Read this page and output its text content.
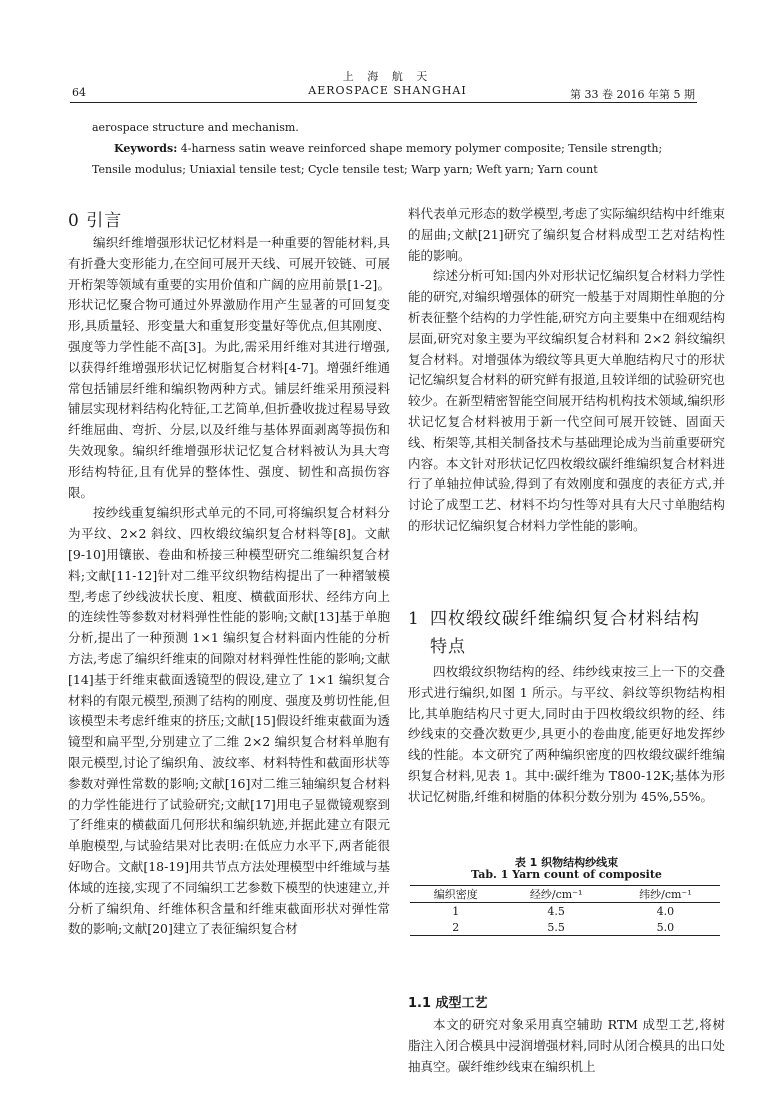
上 海 航 天
AEROSPACE SHANGHAI
64	第 33 卷 2016 年第 5 期
aerospace structure and mechanism.
Keywords: 4-harness satin weave reinforced shape memory polymer composite; Tensile strength; Tensile modulus; Uniaxial tensile test; Cycle tensile test; Warp yarn; Weft yarn; Yarn count
0 引言

编织纤维增强形状记忆材料是一种重要的智能材料,具有折叠大变形能力,在空间可展开天线、可展开铰链、可展开桁架等领域有重要的实用价值和广阔的应用前景[1-2]。形状记忆聚合物可通过外界激励作用产生显著的可回复变形,具质量轻、形变量大和重复形变量好等优点,但其刚度、强度等力学性能不高[3]。为此,需采用纤维对其进行增强,以获得纤维增强形状记忆树脂复合材料[4-7]。增强纤维通常包括铺层纤维和编织物两种方式。铺层纤维采用预浸料铺层实现材料结构化特征,工艺简单,但折叠收拢过程易导致纤维屈曲、弯折、分层,以及纤维与基体界面剥离等损伤和失效现象。编织纤维增强形状记忆复合材料被认为具大弯形结构特征,且有优异的整体性、强度、韧性和高损伤容限。

按纱线重复编织形式单元的不同,可将编织复合材料分为平纹、2×2 斜纹、四枚缎纹编织复合材料等[8]。文献[9-10]用镶嵌、卷曲和桥接三种模型研究二维编织复合材料;文献[11-12]针对二维平纹织物结构提出了一种褶皱模型,考虑了纱线波状长度、粗度、横截面形状、经纬方向上的连续性等参数对材料弹性性能的影响;文献[13]基于单胞分析,提出了一种预测 1×1 编织复合材料面内性能的分析方法,考虑了编织纤维束的间隙对材料弹性性能的影响;文献[14]基于纤维束截面透镜型的假设,建立了 1×1 编织复合材料的有限元模型,预测了结构的刚度、强度及剪切性能,但该模型未考虑纤维束的挤压;文献[15]假设纤维束截面为透镜型和扁平型,分别建立了二维 2×2 编织复合材料单胞有限元模型,讨论了编织角、波纹率、材料特性和截面形状等参数对弹性常数的影响;文献[16]对二维三轴编织复合材料的力学性能进行了试验研究;文献[17]用电子显微镜观察到了纤维束的横截面几何形状和编织轨迹,并据此建立有限元单胞模型,与试验结果对比表明:在低应力水平下,两者能很好吻合。文献[18-19]用共节点方法处理模型中纤维域与基体域的连接,实现了不同编织工艺参数下模型的快速建立,并分析了编织角、纤维体积含量和纤维束截面形状对弹性常数的影响;文献[20]建立了表征编织复合材

料代表单元形态的数学模型,考虑了实际编织结构中纤维束的屈曲;文献[21]研究了编织复合材料成型工艺对结构性能的影响。

综述分析可知:国内外对形状记忆编织复合材料力学性能的研究,对编织增强体的研究一般基于对周期性单胞的分析表征整个结构的力学性能,研究方向主要集中在细观结构层面,研究对象主要为平纹编织复合材料和 2×2 斜纹编织复合材料。对增强体为缎纹等具更大单胞结构尺寸的形状记忆编织复合材料的研究鲜有报道,且较详细的试验研究也较少。在新型精密智能空间展开结构机构技术领域,编织形状记忆复合材料被用于新一代空间可展开铰链、固面天线、桁架等,其相关制备技术与基础理论成为当前重要研究内容。本文针对形状记忆四枚缎纹碳纤维编织复合材料进行了单轴拉伸试验,得到了有效刚度和强度的表征方式,并讨论了成型工艺、材料不均匀性等对具有大尺寸单胞结构的形状记忆编织复合材料力学性能的影响。

1 四枚缎纹碳纤维编织复合材料结构
特点

四枚缎纹织物结构的经、纬纱线束按三上一下的交叠形式进行编织,如图 1 所示。与平纹、斜纹等织物结构相比,其单胞结构尺寸更大,同时由于四枚缎纹织物的经、纬纱线束的交叠次数更少,具更小的卷曲度,能更好地发挥纱线的性能。本文研究了两种编织密度的四枚缎纹碳纤维编织复合材料,见表 1。其中:碳纤维为 T800-12K;基体为形状记忆树脂,纤维和树脂的体积分数分别为 45%,55%。

表 1 织物结构纱线束
Tab. 1 Yarn count of composite
编织密度	经纱/cm⁻¹	纬纱/cm⁻¹
1	4.5	4.0
2	5.5	5.0
1.1 成型工艺

本文的研究对象采用真空辅助 RTM 成型工艺,将树脂注入闭合模具中浸润增强材料,同时从闭合模具的出口处抽真空。碳纤维纱线束在编织机上
